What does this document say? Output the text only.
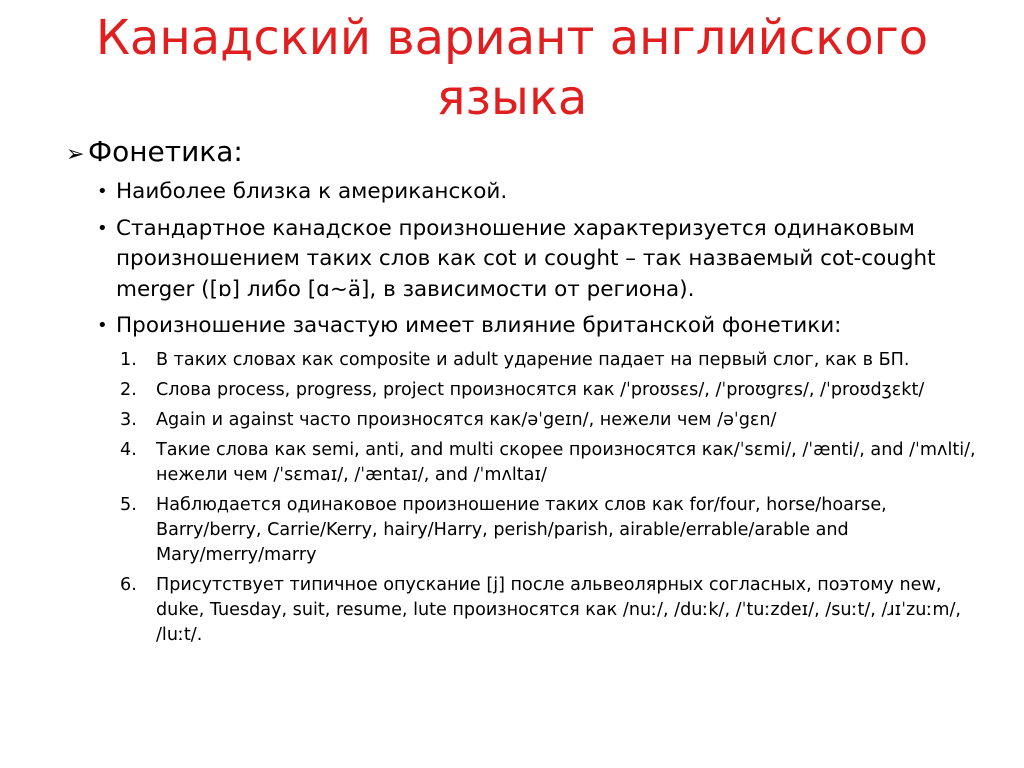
Канадский вариант английского языка
➢ Фонетика:
• Наиболее близка к американской.
• Стандартное канадское произношение характеризуется одинаковым произношением таких слов как cot и cought – так назваемый cot-cought merger ([ɒ] либо [ɑ~ä], в зависимости от региона).
• Произношение зачастую имеет влияние британской фонетики:
1. В таких словах как composite и adult ударение падает на первый слог, как в БП.
2. Слова process, progress, project произносятся как /ˈproʊsɛs/, /ˈproʊgrɛs/, /ˈproʊdʒɛkt/
3. Again и against часто произносятся как/əˈgeɪn/, нежели чем /əˈgɛn/
4. Такие слова как semi, anti, and multi скорее произносятся как/ˈsɛmi/, /ˈænti/, and /ˈmʌlti/, нежели чем /ˈsɛmaɪ/, /ˈæntaɪ/, and /ˈmʌltaɪ/
5. Наблюдается одинаковое произношение таких слов как for/four, horse/hoarse, Barry/berry, Carrie/Kerry, hairy/Harry, perish/parish, airable/errable/arable and Mary/merry/marry
6. Присутствует типичное опускание [j] после альвеолярных согласных, поэтому new, duke, Tuesday, suit, resume, lute произносятся как /nuː/, /duːk/, /ˈtuːzdeɪ/, /suːt/, /ɹɪˈzuːm/, /luːt/.
